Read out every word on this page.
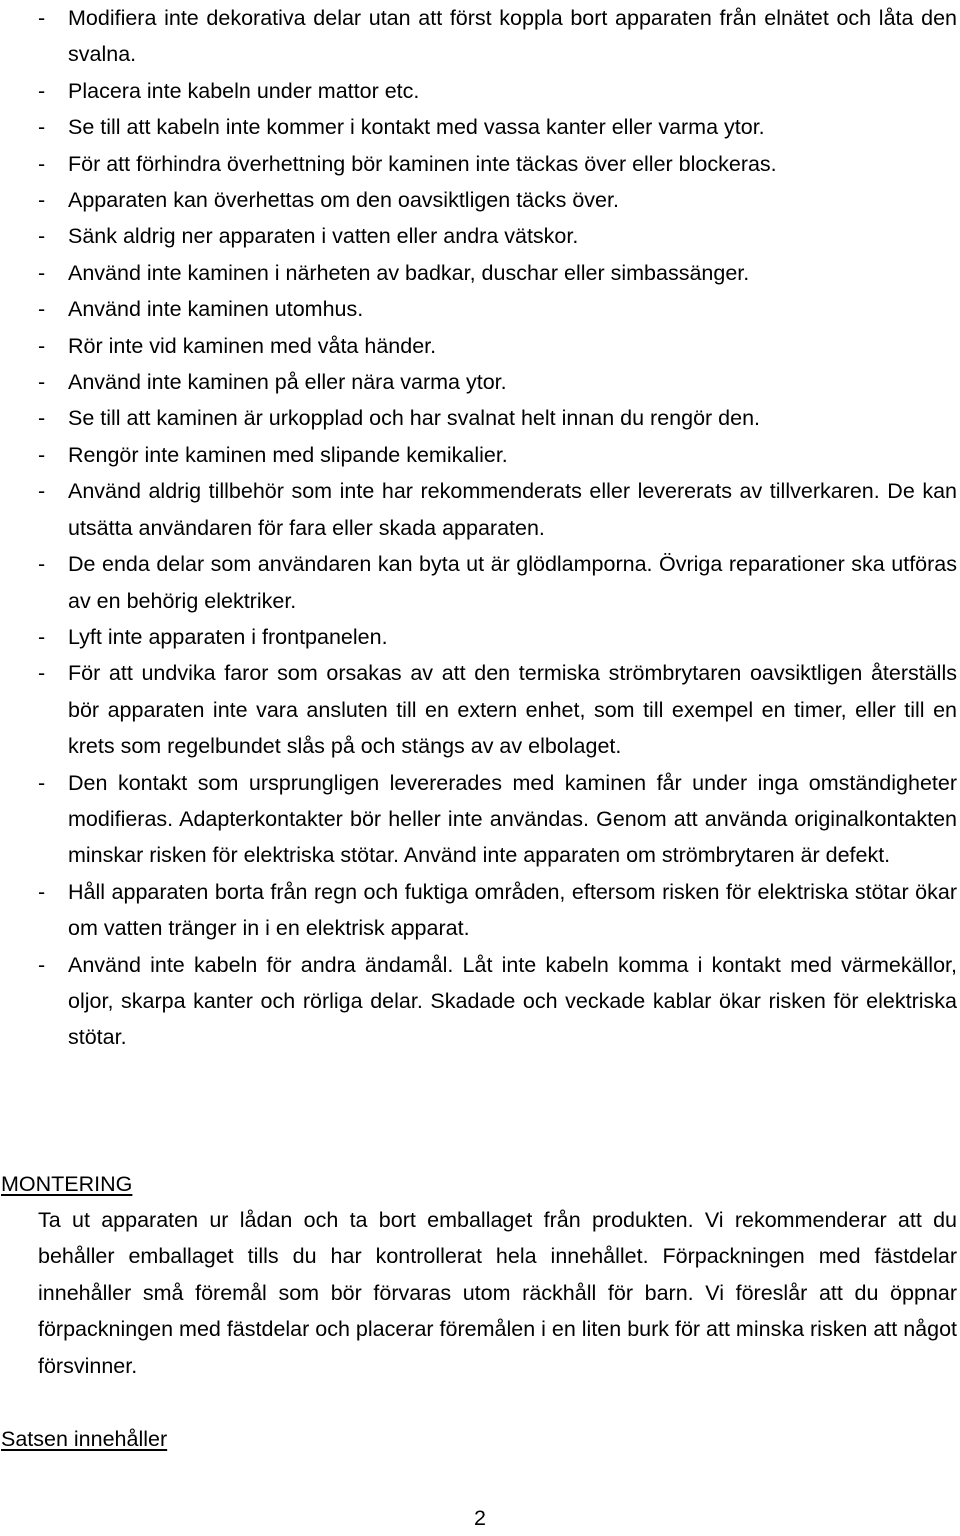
- Modifiera inte dekorativa delar utan att först koppla bort apparaten från elnätet och låta den svalna.
- Placera inte kabeln under mattor etc.
- Se till att kabeln inte kommer i kontakt med vassa kanter eller varma ytor.
- För att förhindra överhettning bör kaminen inte täckas över eller blockeras.
- Apparaten kan överhettas om den oavsiktligen täcks över.
- Sänk aldrig ner apparaten i vatten eller andra vätskor.
- Använd inte kaminen i närheten av badkar, duschar eller simbassänger.
- Använd inte kaminen utomhus.
- Rör inte vid kaminen med våta händer.
- Använd inte kaminen på eller nära varma ytor.
- Se till att kaminen är urkopplad och har svalnat helt innan du rengör den.
- Rengör inte kaminen med slipande kemikalier.
- Använd aldrig tillbehör som inte har rekommenderats eller levererats av tillverkaren. De kan utsätta användaren för fara eller skada apparaten.
- De enda delar som användaren kan byta ut är glödlamporna. Övriga reparationer ska utföras av en behörig elektriker.
- Lyft inte apparaten i frontpanelen.
- För att undvika faror som orsakas av att den termiska strömbrytaren oavsiktligen återställs bör apparaten inte vara ansluten till en extern enhet, som till exempel en timer, eller till en krets som regelbundet slås på och stängs av av elbolaget.
- Den kontakt som ursprungligen levererades med kaminen får under inga omständigheter modifieras. Adapterkontakter bör heller inte användas. Genom att använda originalkontakten minskar risken för elektriska stötar. Använd inte apparaten om strömbrytaren är defekt.
- Håll apparaten borta från regn och fuktiga områden, eftersom risken för elektriska stötar ökar om vatten tränger in i en elektrisk apparat.
- Använd inte kabeln för andra ändamål. Låt inte kabeln komma i kontakt med värmekällor, oljor, skarpa kanter och rörliga delar. Skadade och veckade kablar ökar risken för elektriska stötar.
MONTERING
Ta ut apparaten ur lådan och ta bort emballaget från produkten. Vi rekommenderar att du behåller emballaget tills du har kontrollerat hela innehållet. Förpackningen med fästdelar innehåller små föremål som bör förvaras utom räckhåll för barn. Vi föreslår att du öppnar förpackningen med fästdelar och placerar föremålen i en liten burk för att minska risken att något försvinner.
Satsen innehåller
2
